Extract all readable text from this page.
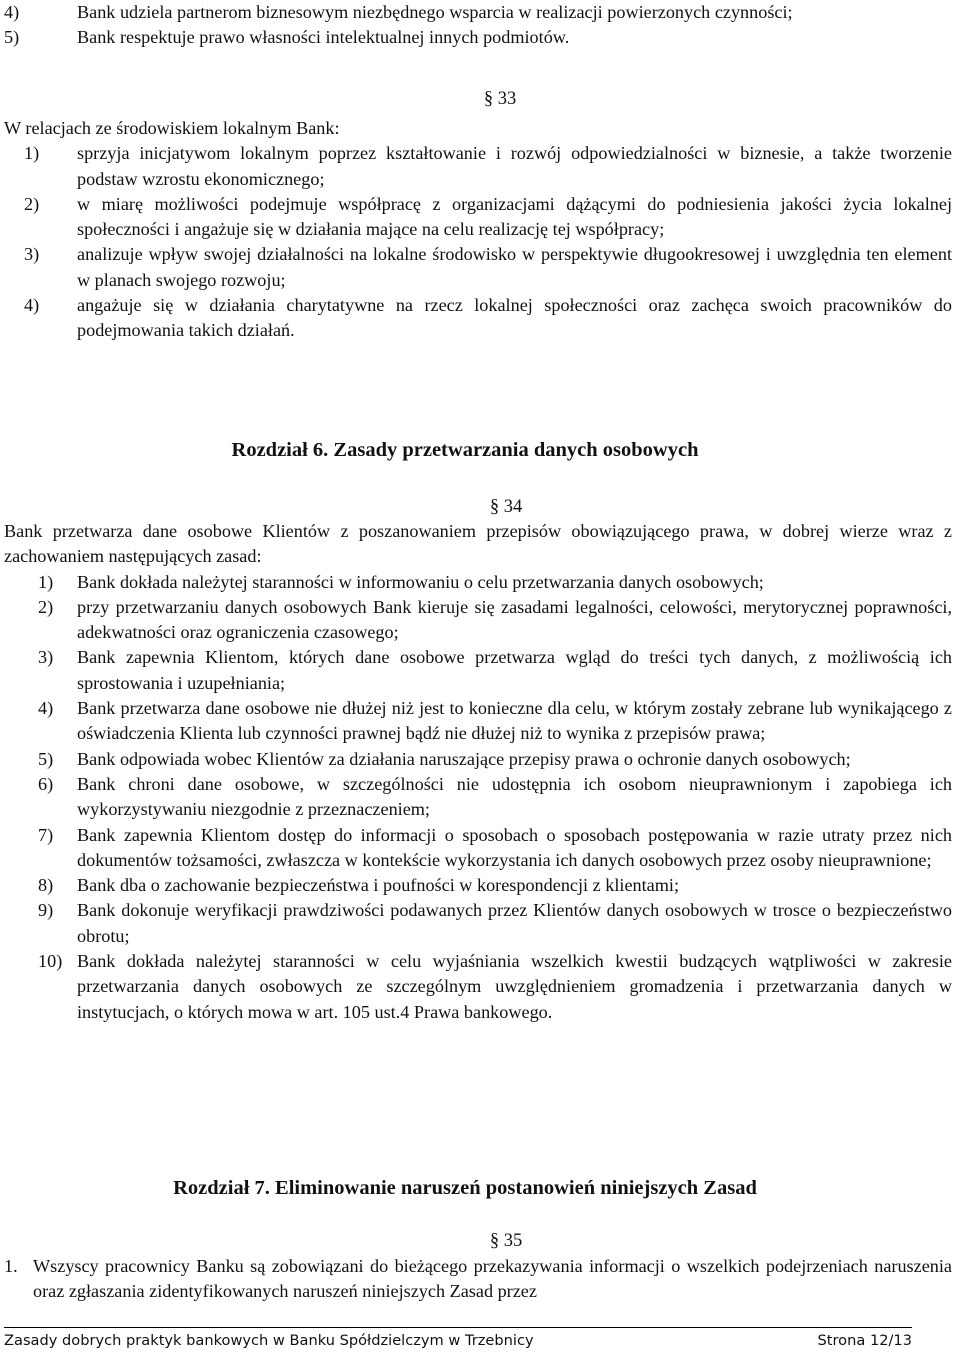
4)	Bank udziela partnerom biznesowym niezbędnego wsparcia w realizacji powierzonych czynności;
5)	Bank respektuje prawo własności intelektualnej innych podmiotów.
§ 33

W relacjach ze środowiskiem lokalnym Bank:

1) sprzyja inicjatywom lokalnym poprzez kształtowanie i rozwój odpowiedzialności w biznesie, a także tworzenie podstaw wzrostu ekonomicznego;
2) w miarę możliwości podejmuje współpracę z organizacjami dążącymi do podniesienia jakości życia lokalnej społeczności i angażuje się w działania mające na celu realizację tej współpracy;
3) analizuje wpływ swojej działalności na lokalne środowisko w perspektywie długookresowej i uwzględnia ten element w planach swojego rozwoju;
4) angażuje się w działania charytatywne na rzecz lokalnej społeczności oraz zachęca swoich pracowników do podejmowania takich działań.
Rozdział 6. Zasady przetwarzania danych osobowych
§ 34

Bank przetwarza dane osobowe Klientów z poszanowaniem przepisów obowiązującego prawa, w dobrej wierze wraz z zachowaniem następujących zasad:

1) Bank dokłada należytej staranności w informowaniu o celu przetwarzania danych osobowych;
2) przy przetwarzaniu danych osobowych Bank kieruje się zasadami legalności, celowości, merytorycznej poprawności, adekwatności oraz ograniczenia czasowego;
3) Bank zapewnia Klientom, których dane osobowe przetwarza wgląd do treści tych danych, z możliwością ich sprostowania i uzupełniania;
4) Bank przetwarza dane osobowe nie dłużej niż jest to konieczne dla celu, w którym zostały zebrane lub wynikającego z oświadczenia Klienta lub czynności prawnej bądź nie dłużej niż to wynika z przepisów prawa;
5) Bank odpowiada wobec Klientów za działania naruszające przepisy prawa o ochronie danych osobowych;
6) Bank chroni dane osobowe, w szczególności nie udostępnia ich osobom nieuprawnionym i zapobiega ich wykorzystywaniu niezgodnie z przeznaczeniem;
7) Bank zapewnia Klientom dostęp do informacji o sposobach o sposobach postępowania w razie utraty przez nich dokumentów tożsamości, zwłaszcza w kontekście wykorzystania ich danych osobowych przez osoby nieuprawnione;
8) Bank dba o zachowanie bezpieczeństwa i poufności w korespondencji z klientami;
9) Bank dokonuje weryfikacji prawdziwości podawanych przez Klientów danych osobowych w trosce o bezpieczeństwo obrotu;
10) Bank dokłada należytej staranności w celu wyjaśniania wszelkich kwestii budzących wątpliwości w zakresie przetwarzania danych osobowych ze szczególnym uwzględnieniem gromadzenia i przetwarzania danych w instytucjach, o których mowa w art. 105 ust.4 Prawa bankowego.
Rozdział 7. Eliminowanie naruszeń postanowień niniejszych Zasad
§ 35
1. Wszyscy pracownicy Banku są zobowiązani do bieżącego przekazywania informacji o wszelkich podejrzeniach naruszenia oraz zgłaszania zidentyfikowanych naruszeń niniejszych Zasad przez
Zasady dobrych praktyk bankowych w Banku Spółdzielczym w Trzebnicy	Strona 12/13
